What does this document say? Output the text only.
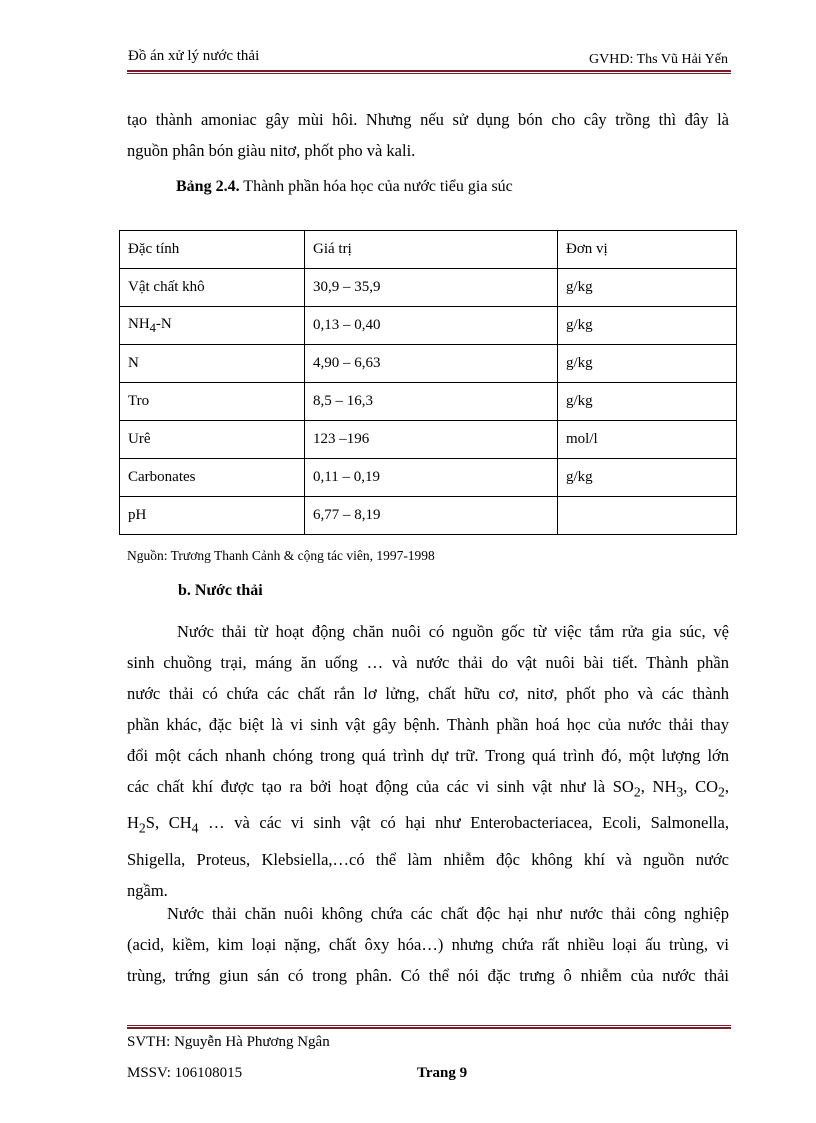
Đồ án xử lý nước thải	GVHD: Ths Vũ Hải Yến
tạo thành amoniac gây mùi hôi. Nhưng nếu sử dụng bón cho cây trồng thì đây là
nguồn phân bón giàu nitơ, phốt pho và kali.
Bảng 2.4. Thành phần hóa học của nước tiểu gia súc
Đặc tính	Giá trị	Đơn vị
Vật chất khô	30,9 – 35,9	g/kg
$NH_4-N$	0,13 – 0,40	g/kg
N	4,90 – 6,63	g/kg
Tro	8,5 – 16,3	g/kg
Urê	123 –196	mol/l
Carbonates	0,11 – 0,19	g/kg
pH	6,77 – 8,19	
Nguồn: Trương Thanh Cảnh & cộng tác viên, 1997-1998
b. Nước thải
Nước thải từ hoạt động chăn nuôi có nguồn gốc từ việc tắm rửa gia súc, vệ
sinh chuồng trại, máng ăn uống … và nước thải do vật nuôi bài tiết. Thành phần
nước thải có chứa các chất rắn lơ lửng, chất hữu cơ, nitơ, phốt pho và các thành
phần khác, đặc biệt là vi sinh vật gây bệnh. Thành phần hoá học của nước thải thay
đổi một cách nhanh chóng trong quá trình dự trữ. Trong quá trình đó, một lượng lớn
các chất khí được tạo ra bởi hoạt động của các vi sinh vật như là $SO_2$, $NH_3$, $CO_2$,
$H_2S$, $CH_4$ … và các vi sinh vật có hại như Enterobacteriacea, Ecoli, Salmonella,
Shigella, Proteus, Klebsiella,…có thể làm nhiễm độc không khí và nguồn nước
ngầm.
Nước thải chăn nuôi không chứa các chất độc hại như nước thải công nghiệp
(acid, kiềm, kim loại nặng, chất ôxy hóa…) nhưng chứa rất nhiều loại ấu trùng, vi
trùng, trứng giun sán có trong phân. Có thể nói đặc trưng ô nhiễm của nước thải
SVTH: Nguyễn Hà Phương Ngân
MSSV: 106108015	Trang 9
